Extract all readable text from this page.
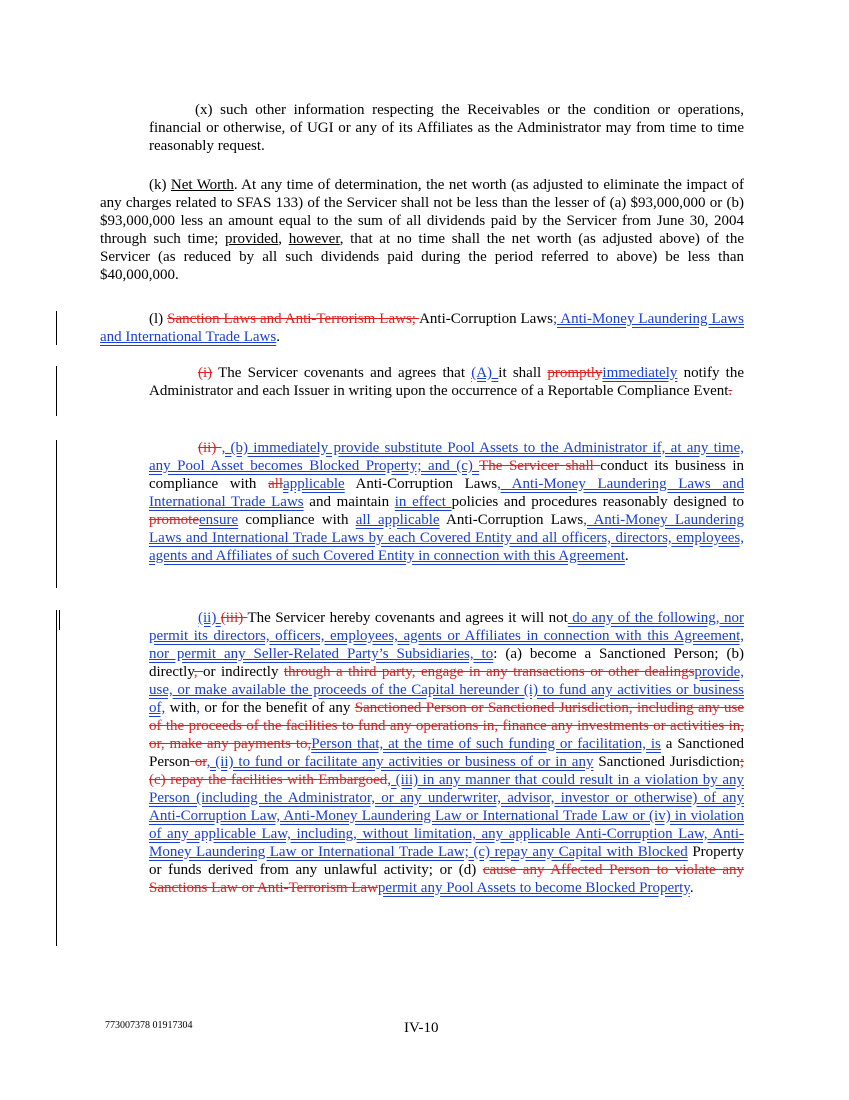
(x) such other information respecting the Receivables or the condition or operations, financial or otherwise, of UGI or any of its Affiliates as the Administrator may from time to time reasonably request.

(k) Net Worth. At any time of determination, the net worth (as adjusted to eliminate the impact of any charges related to SFAS 133) of the Servicer shall not be less than the lesser of (a) $93,000,000 or (b) $93,000,000 less an amount equal to the sum of all dividends paid by the Servicer from June 30, 2004 through such time; provided, however, that at no time shall the net worth (as adjusted above) of the Servicer (as reduced by all such dividends paid during the period referred to above) be less than $40,000,000.

(l) Sanction Laws and Anti-Terrorism Laws; Anti-Corruption Laws; Anti-Money Laundering Laws and International Trade Laws.

(i) The Servicer covenants and agrees that (A) it shall promptlyimmediately notify the Administrator and each Issuer in writing upon the occurrence of a Reportable Compliance Event.

(ii) , (b) immediately provide substitute Pool Assets to the Administrator if, at any time, any Pool Asset becomes Blocked Property; and (c) The Servicer shall conduct its business in compliance with allapplicable Anti-Corruption Laws, Anti-Money Laundering Laws and International Trade Laws and maintain in effect policies and procedures reasonably designed to promoteensure compliance with all applicable Anti-Corruption Laws, Anti-Money Laundering Laws and International Trade Laws by each Covered Entity and all officers, directors, employees, agents and Affiliates of such Covered Entity in connection with this Agreement.

(ii) (iii) The Servicer hereby covenants and agrees it will not do any of the following, nor permit its directors, officers, employees, agents or Affiliates in connection with this Agreement, nor permit any Seller-Related Party’s Subsidiaries, to: (a) become a Sanctioned Person; (b) directly, or indirectly through a third party, engage in any transactions or other dealingsprovide, use, or make available the proceeds of the Capital hereunder (i) to fund any activities or business of, with, or for the benefit of any Sanctioned Person or Sanctioned Jurisdiction, including any use of the proceeds of the facilities to fund any operations in, finance any investments or activities in, or, make any payments to,Person that, at the time of such funding or facilitation, is a Sanctioned Person or, (ii) to fund or facilitate any activities or business of or in any Sanctioned Jurisdiction; (c) repay the facilities with Embargoed, (iii) in any manner that could result in a violation by any Person (including the Administrator, or any underwriter, advisor, investor or otherwise) of any Anti-Corruption Law, Anti-Money Laundering Law or International Trade Law or (iv) in violation of any applicable Law, including, without limitation, any applicable Anti-Corruption Law, Anti-Money Laundering Law or International Trade Law; (c) repay any Capital with Blocked Property or funds derived from any unlawful activity; or (d) cause any Affected Person to violate any Sanctions Law or Anti-Terrorism Lawpermit any Pool Assets to become Blocked Property.

773007378 01917304	IV-10
